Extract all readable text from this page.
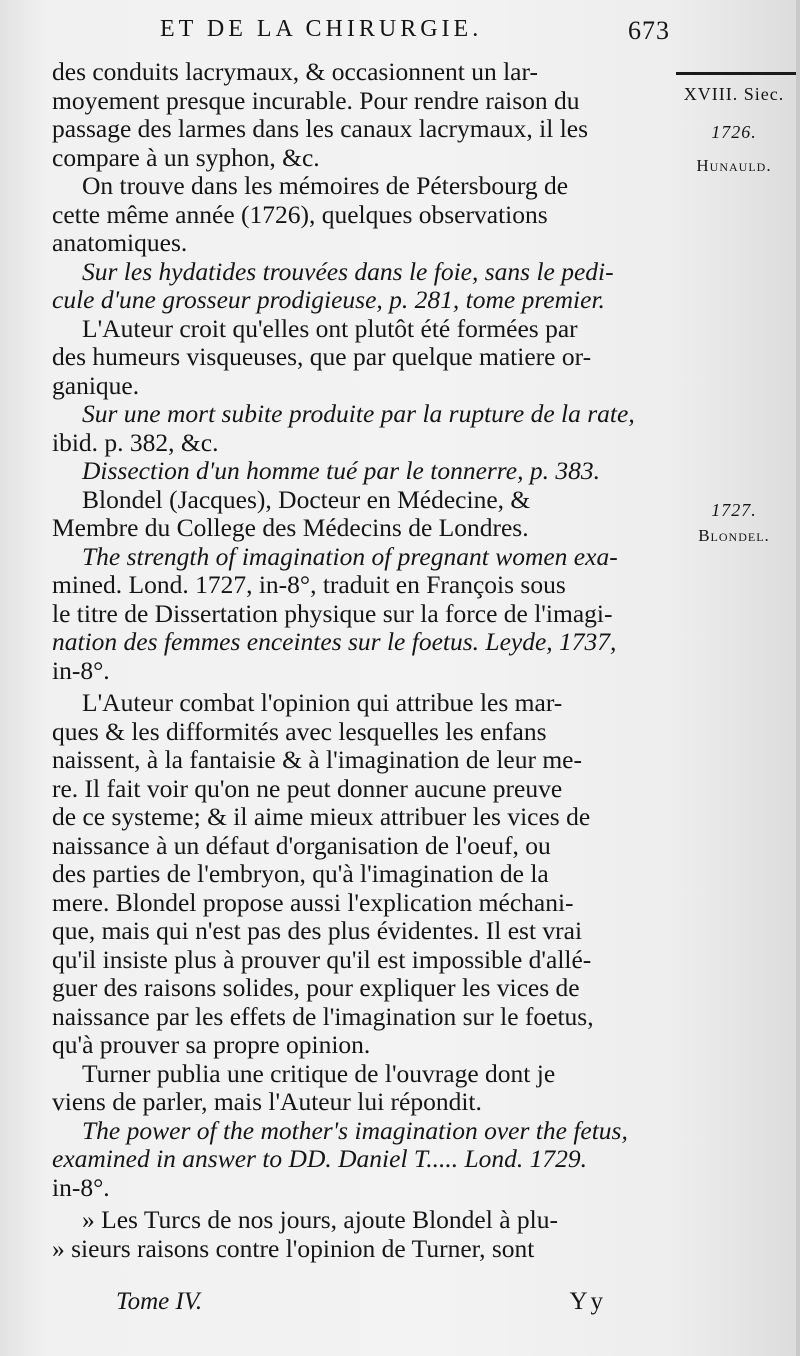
ET DE LA CHIRURGIE.	673
XVIII. Siec.
1726.
Hunauld.
1727.
Blondel.

des conduits lacrymaux, & occasionnent un lar-

moyement presque incurable. Pour rendre raison du

passage des larmes dans les canaux lacrymaux, il les

compare à un syphon, &c.

On trouve dans les mémoires de Pétersbourg de

cette même année (1726), quelques observations

anatomiques.

Sur les hydatides trouvées dans le foie, sans le pedi-

cule d'une grosseur prodigieuse, p. 281, tome premier.

L'Auteur croit qu'elles ont plutôt été formées par

des humeurs visqueuses, que par quelque matiere or-

ganique.

Sur une mort subite produite par la rupture de la rate,

ibid. p. 382, &c.

Dissection d'un homme tué par le tonnerre, p. 383.

Blondel (Jacques), Docteur en Médecine, &

Membre du College des Médecins de Londres.

The strength of imagination of pregnant women exa-

mined. Lond. 1727, in-8°, traduit en François sous

le titre de Dissertation physique sur la force de l'imagi-

nation des femmes enceintes sur le foetus. Leyde, 1737,

in-8°.

L'Auteur combat l'opinion qui attribue les mar-

ques & les difformités avec lesquelles les enfans

naissent, à la fantaisie & à l'imagination de leur me-

re. Il fait voir qu'on ne peut donner aucune preuve

de ce systeme; & il aime mieux attribuer les vices de

naissance à un défaut d'organisation de l'oeuf, ou

des parties de l'embryon, qu'à l'imagination de la

mere. Blondel propose aussi l'explication méchani-

que, mais qui n'est pas des plus évidentes. Il est vrai

qu'il insiste plus à prouver qu'il est impossible d'allé-

guer des raisons solides, pour expliquer les vices de

naissance par les effets de l'imagination sur le foetus,

qu'à prouver sa propre opinion.

Turner publia une critique de l'ouvrage dont je

viens de parler, mais l'Auteur lui répondit.

The power of the mother's imagination over the fetus,

examined in answer to DD. Daniel T..... Lond. 1729.

in-8°.

» Les Turcs de nos jours, ajoute Blondel à plu-

» sieurs raisons contre l'opinion de Turner, sont

Tome IV.	Yy
